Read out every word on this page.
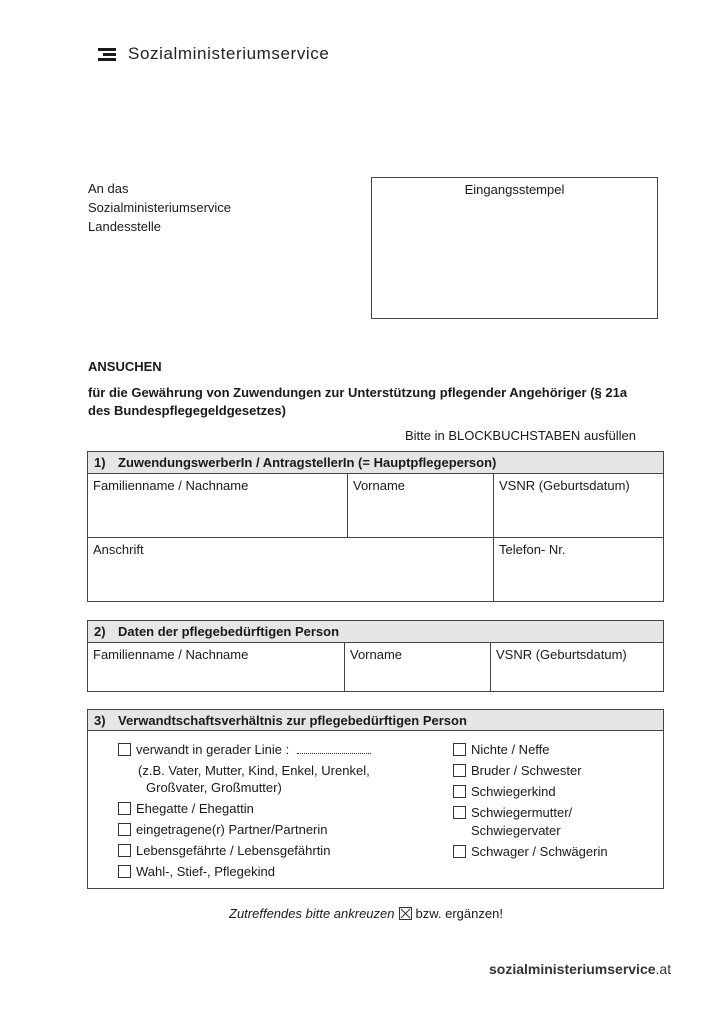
Sozialministeriumservice
An das
Sozialministeriumservice
Landesstelle
Eingangsstempel
ANSUCHEN
für die Gewährung von Zuwendungen zur Unterstützung pflegender Angehöriger (§ 21a des Bundespflegegeldgesetzes)
Bitte in BLOCKBUCHSTABEN ausfüllen
1) ZuwendungswerberIn / AntragstellerIn (= Hauptpflegeperson)		
Familienname / Nachname	Vorname	VSNR (Geburtsdatum)
Anschrift		Telefon- Nr.
2) Daten der pflegebedürftigen Person
Familienname / Nachname	Vorname	VSNR (Geburtsdatum)
3) Verwandtschaftsverhältnis zur pflegebedürftigen Person
verwandt in gerader Linie :
(z.B. Vater, Mutter, Kind, Enkel, Urenkel,
Großvater, Großmutter)
Ehegatte / Ehegattin
eingetragene(r) Partner/Partnerin
Lebensgefährte / Lebensgefährtin
Wahl-, Stief-, Pflegekind
Nichte / Neffe
Bruder / Schwester
Schwiegerkind
Schwiegermutter/
Schwiegervater
Schwager / Schwägerin
Zutreffendes bitte ankreuzen bzw. ergänzen!
sozialministeriumservice.at
